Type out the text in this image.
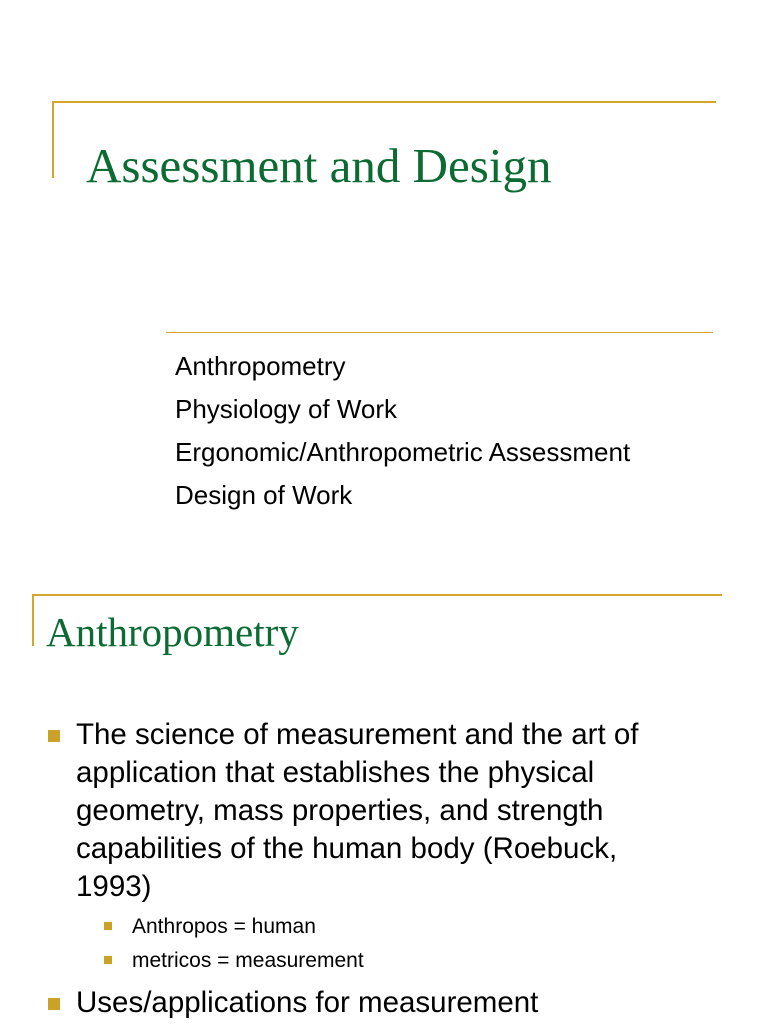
Assessment and Design
Anthropometry
Physiology of Work
Ergonomic/Anthropometric Assessment
Design of Work
Anthropometry
The science of measurement and the art of application that establishes the physical geometry, mass properties, and strength capabilities of the human body (Roebuck, 1993)
Anthropos = human
metricos = measurement
Uses/applications for measurement
